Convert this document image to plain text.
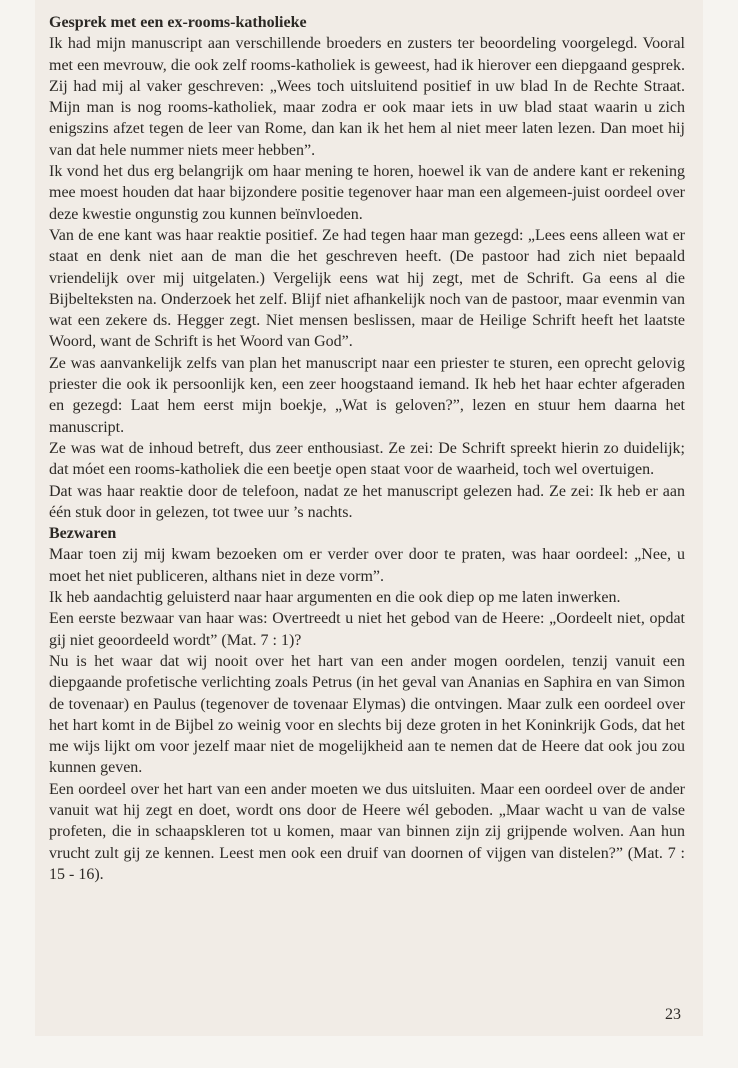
Gesprek met een ex-rooms-katholieke

Ik had mijn manuscript aan verschillende broeders en zusters ter beoordeling voorgelegd. Vooral met een mevrouw, die ook zelf rooms-katholiek is geweest, had ik hierover een diepgaand gesprek. Zij had mij al vaker geschreven: „Wees toch uitsluitend positief in uw blad In de Rechte Straat. Mijn man is nog rooms-katholiek, maar zodra er ook maar iets in uw blad staat waarin u zich enigszins afzet tegen de leer van Rome, dan kan ik het hem al niet meer laten lezen. Dan moet hij van dat hele nummer niets meer hebben”.

Ik vond het dus erg belangrijk om haar mening te horen, hoewel ik van de andere kant er rekening mee moest houden dat haar bijzondere positie tegenover haar man een algemeen-juist oordeel over deze kwestie ongunstig zou kunnen beïnvloeden.

Van de ene kant was haar reaktie positief. Ze had tegen haar man gezegd: „Lees eens alleen wat er staat en denk niet aan de man die het geschreven heeft. (De pastoor had zich niet bepaald vriendelijk over mij uitgelaten.) Vergelijk eens wat hij zegt, met de Schrift. Ga eens al die Bijbelteksten na. Onderzoek het zelf. Blijf niet afhankelijk noch van de pastoor, maar evenmin van wat een zekere ds. Hegger zegt. Niet mensen beslissen, maar de Heilige Schrift heeft het laatste Woord, want de Schrift is het Woord van God”.

Ze was aanvankelijk zelfs van plan het manuscript naar een priester te sturen, een oprecht gelovig priester die ook ik persoonlijk ken, een zeer hoogstaand iemand. Ik heb het haar echter afgeraden en gezegd: Laat hem eerst mijn boekje, „Wat is geloven?”, lezen en stuur hem daarna het manuscript.

Ze was wat de inhoud betreft, dus zeer enthousiast. Ze zei: De Schrift spreekt hierin zo duidelijk; dat móet een rooms-katholiek die een beetje open staat voor de waarheid, toch wel overtuigen.

Dat was haar reaktie door de telefoon, nadat ze het manuscript gelezen had. Ze zei: Ik heb er aan één stuk door in gelezen, tot twee uur ’s nachts.

Bezwaren

Maar toen zij mij kwam bezoeken om er verder over door te praten, was haar oordeel: „Nee, u moet het niet publiceren, althans niet in deze vorm”.

Ik heb aandachtig geluisterd naar haar argumenten en die ook diep op me laten inwerken.

Een eerste bezwaar van haar was: Overtreedt u niet het gebod van de Heere: „Oordeelt niet, opdat gij niet geoordeeld wordt” (Mat. 7 : 1)?

Nu is het waar dat wij nooit over het hart van een ander mogen oordelen, tenzij vanuit een diepgaande profetische verlichting zoals Petrus (in het geval van Ananias en Saphira en van Simon de tovenaar) en Paulus (tegenover de tovenaar Elymas) die ontvingen. Maar zulk een oordeel over het hart komt in de Bijbel zo weinig voor en slechts bij deze groten in het Koninkrijk Gods, dat het me wijs lijkt om voor jezelf maar niet de mogelijkheid aan te nemen dat de Heere dat ook jou zou kunnen geven.

Een oordeel over het hart van een ander moeten we dus uitsluiten. Maar een oordeel over de ander vanuit wat hij zegt en doet, wordt ons door de Heere wél geboden. „Maar wacht u van de valse profeten, die in schaapskleren tot u komen, maar van binnen zijn zij grijpende wolven. Aan hun vrucht zult gij ze kennen. Leest men ook een druif van doornen of vijgen van distelen?” (Mat. 7 : 15 - 16).

23
